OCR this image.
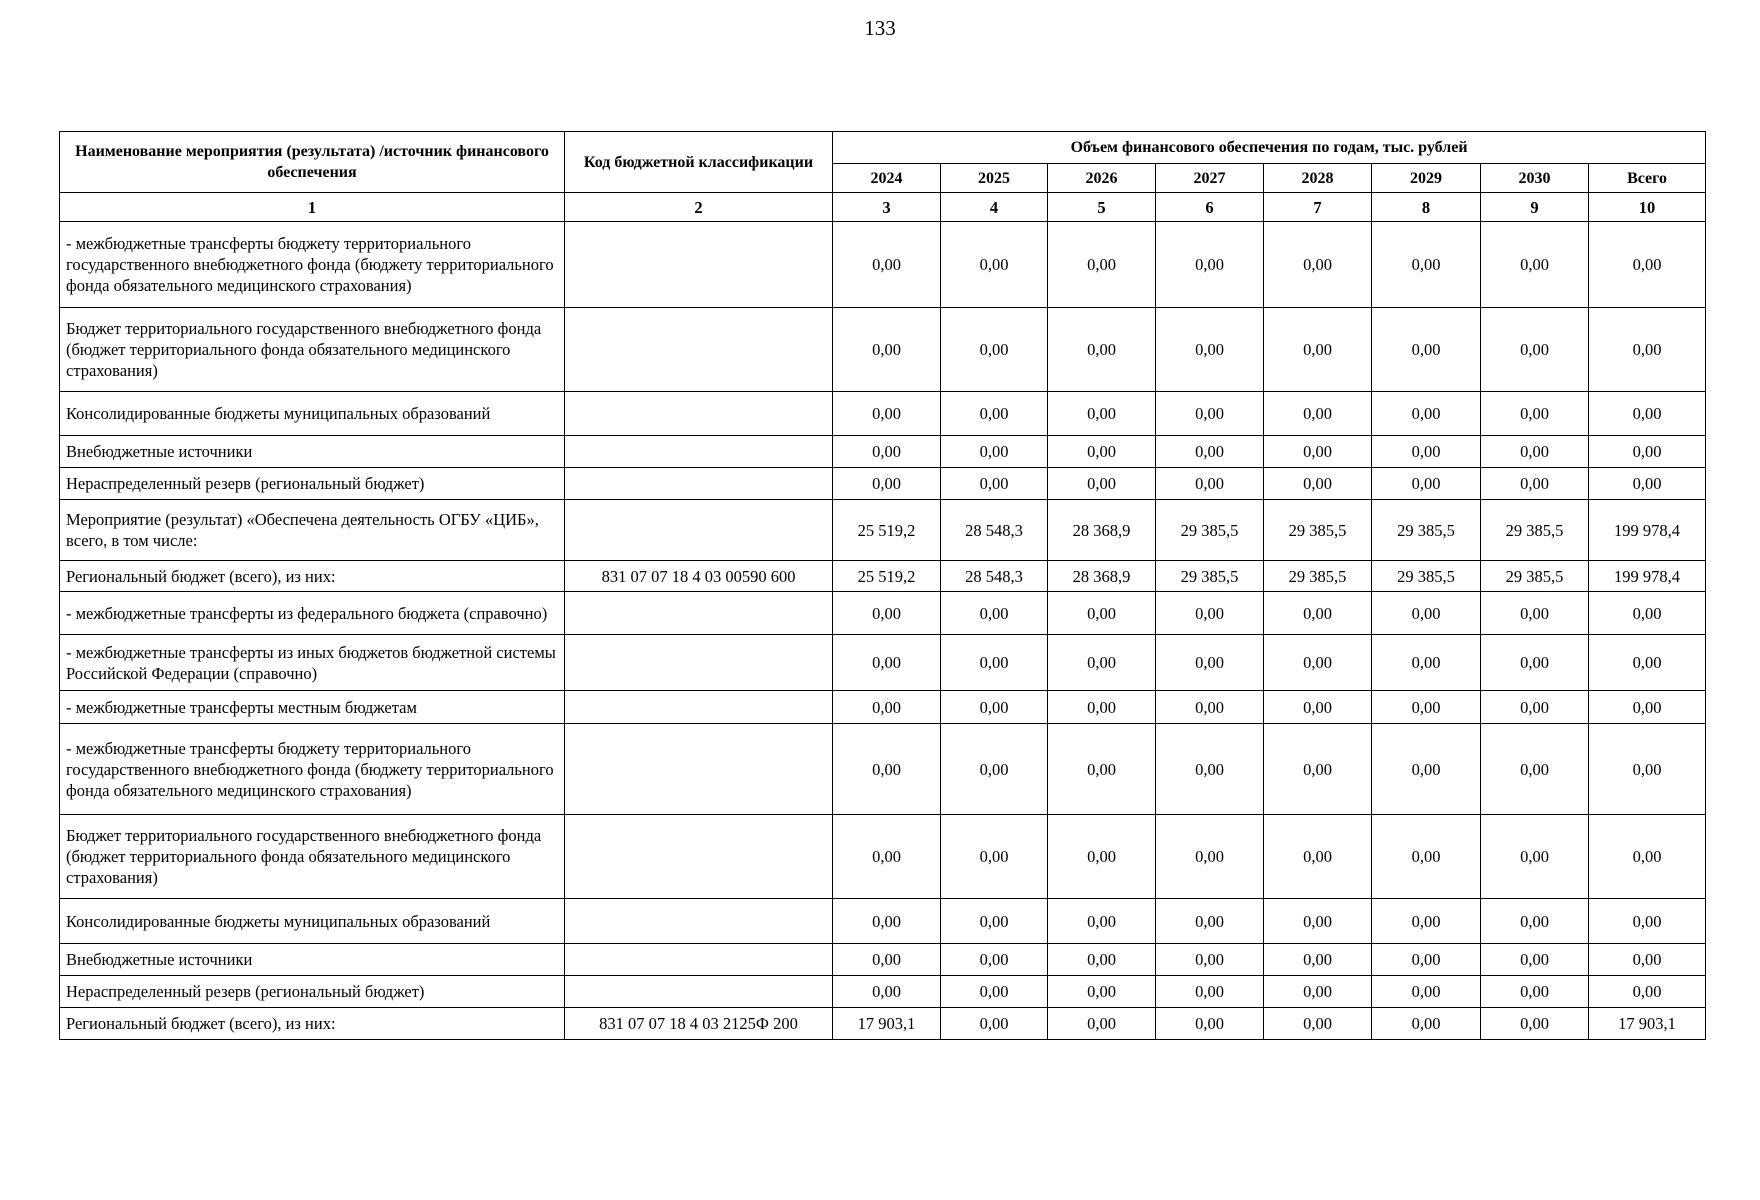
133
Наименование мероприятия (результата) /источник финансового обеспечения	Код бюджетной классификации	Объем финансового обеспечения по годам, тыс. рублей							
		2024	2025	2026	2027	2028	2029	2030	Всего
1	2	3	4	5	6	7	8	9	10
- межбюджетные трансферты бюджету территориального государственного внебюджетного фонда (бюджету территориального фонда обязательного медицинского страхования)		0,00	0,00	0,00	0,00	0,00	0,00	0,00	0,00
Бюджет территориального государственного внебюджетного фонда (бюджет территориального фонда обязательного медицинского страхования)		0,00	0,00	0,00	0,00	0,00	0,00	0,00	0,00
Консолидированные бюджеты муниципальных образований		0,00	0,00	0,00	0,00	0,00	0,00	0,00	0,00
Внебюджетные источники		0,00	0,00	0,00	0,00	0,00	0,00	0,00	0,00
Нераспределенный резерв (региональный бюджет)		0,00	0,00	0,00	0,00	0,00	0,00	0,00	0,00
Мероприятие (результат) «Обеспечена деятельность ОГБУ «ЦИБ», всего, в том числе:		25 519,2	28 548,3	28 368,9	29 385,5	29 385,5	29 385,5	29 385,5	199 978,4
Региональный бюджет (всего), из них:	831 07 07 18 4 03 00590 600	25 519,2	28 548,3	28 368,9	29 385,5	29 385,5	29 385,5	29 385,5	199 978,4
- межбюджетные трансферты из федерального бюджета (справочно)		0,00	0,00	0,00	0,00	0,00	0,00	0,00	0,00
- межбюджетные трансферты из иных бюджетов бюджетной системы Российской Федерации (справочно)		0,00	0,00	0,00	0,00	0,00	0,00	0,00	0,00
- межбюджетные трансферты местным бюджетам		0,00	0,00	0,00	0,00	0,00	0,00	0,00	0,00
- межбюджетные трансферты бюджету территориального государственного внебюджетного фонда (бюджету территориального фонда обязательного медицинского страхования)		0,00	0,00	0,00	0,00	0,00	0,00	0,00	0,00
Бюджет территориального государственного внебюджетного фонда (бюджет территориального фонда обязательного медицинского страхования)		0,00	0,00	0,00	0,00	0,00	0,00	0,00	0,00
Консолидированные бюджеты муниципальных образований		0,00	0,00	0,00	0,00	0,00	0,00	0,00	0,00
Внебюджетные источники		0,00	0,00	0,00	0,00	0,00	0,00	0,00	0,00
Нераспределенный резерв (региональный бюджет)		0,00	0,00	0,00	0,00	0,00	0,00	0,00	0,00
Региональный бюджет (всего), из них:	831 07 07 18 4 03 2125Ф 200	17 903,1	0,00	0,00	0,00	0,00	0,00	0,00	17 903,1
